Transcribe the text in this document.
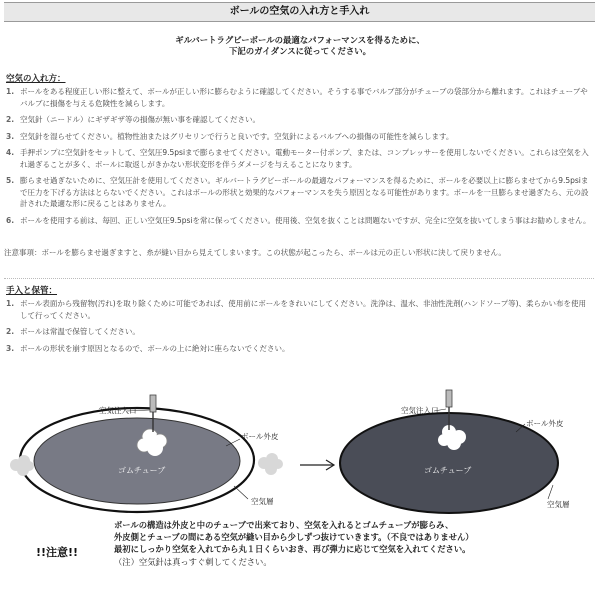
ボールの空気の入れ方と手入れ
ギルバートラグビーボールの最適なパフォーマンスを得るために、
下記のガイダンスに従ってください。
空気の入れ方：
1. ボールをある程度正しい形に整えて、ボールが正しい形に膨らむように確認してください。そうする事でバルブ部分がチューブの袋部分から離れます。これはチューブやバルブに損傷を与える危険性を減らします。
2. 空気針（ニードル）にギザギザ等の損傷が無い事を確認してください。
3. 空気針を湿らせてください。植物性油またはグリセリンで行うと良いです。空気針によるバルブへの損傷の可能性を減らします。
4. 手押ポンプに空気針をセットして、空気圧9.5psiまで膨らませてください。電動モーター付ポンプ、または、コンプレッサーを使用しないでください。これらは空気を入れ過ぎることが多く、ボールに取返しがきかない形状変形を伴うダメージを与えることになります。
5. 膨らませ過ぎないために、空気圧計を使用してください。ギルバートラグビーボールの最適なパフォーマンスを得るために、ボールを必要以上に膨らませてから9.5psiまで圧力を下げる方法はとらないでください。これはボールの形状と効果的なパフォーマンスを失う原因となる可能性があります。ボールを一旦膨らませ過ぎたら、元の設計された最適な形に戻ることはありません。
6. ボールを使用する前は、毎回、正しい空気圧9.5psiを常に保ってください。使用後、空気を抜くことは問題ないですが、完全に空気を抜いてしまう事はお勧めしません。
注意事項：ボールを膨らませ過ぎますと、糸が縫い目から見えてしまいます。この状態が起こったら、ボールは元の正しい形状に決して戻りません。
手入と保管：
1. ボール表面から残留物(汚れ)を取り除くために可能であれば、使用前にボールをきれいにしてください。洗浄は、温水、非油性洗剤(ハンドソープ等)、柔らかい布を使用して行ってください。
2. ボールは常温で保管してください。
3. ボールの形状を崩す原因となるので、ボールの上に絶対に座らないでください。
空気注入口
ボール外皮
ゴムチューブ
空気層
空気注入口
ボール外皮
ゴムチューブ
空気層
!!注意!!
ボールの構造は外皮と中のチューブで出来ており、空気を入れるとゴムチューブが膨らみ、
外皮側とチューブの間にある空気が縫い目から少しずつ抜けていきます。（不良ではありません）
最初にしっかり空気を入れてから丸１日くらいおき、再び弾力に応じて空気を入れてください。
（注）空気針は真っすぐ刺してください。
